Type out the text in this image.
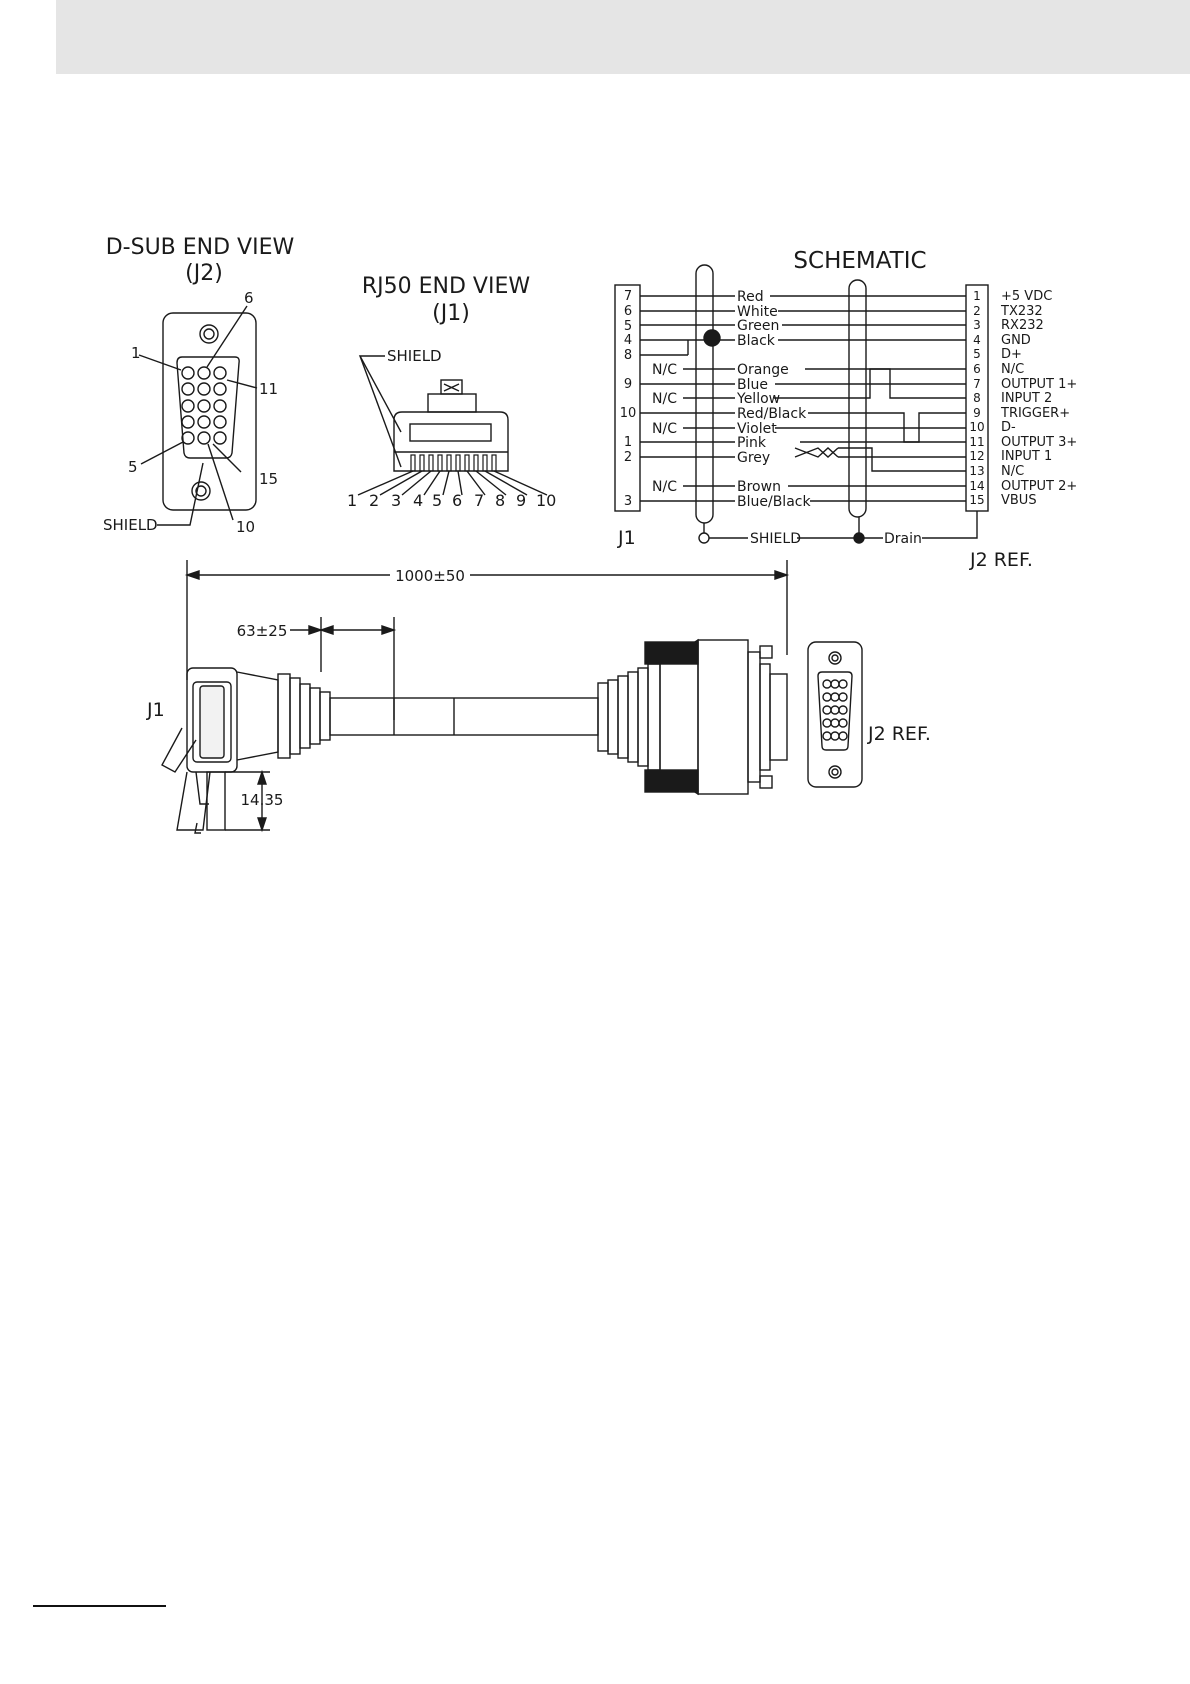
D-SUB END VIEW
(J2)
1
6
11
5
15
10
SHIELD
RJ50 END VIEW
(J1)
SHIELD
1 2 3 4 5 6 7 8 9 10
SCHEMATIC
J1
J2 REF.
SHIELD	Drain
7
6
5
4
8
9
10
1
2
3
N/C
N/C
N/C
N/C
Red
White
Green
Black
Orange
Blue
Yellow
Red/Black
Violet
Pink
Grey
Brown
Blue/Black
1
2
3
4
5
6
7
8
9
10
11
12
13
14
15
+5 VDC
TX232
RX232
GND
D+
N/C
OUTPUT 1+
INPUT 2
TRIGGER+
D-
OUTPUT 3+
INPUT 1
N/C
OUTPUT 2+
VBUS
1000±50
63±25
J1
14.35
J2 REF.
